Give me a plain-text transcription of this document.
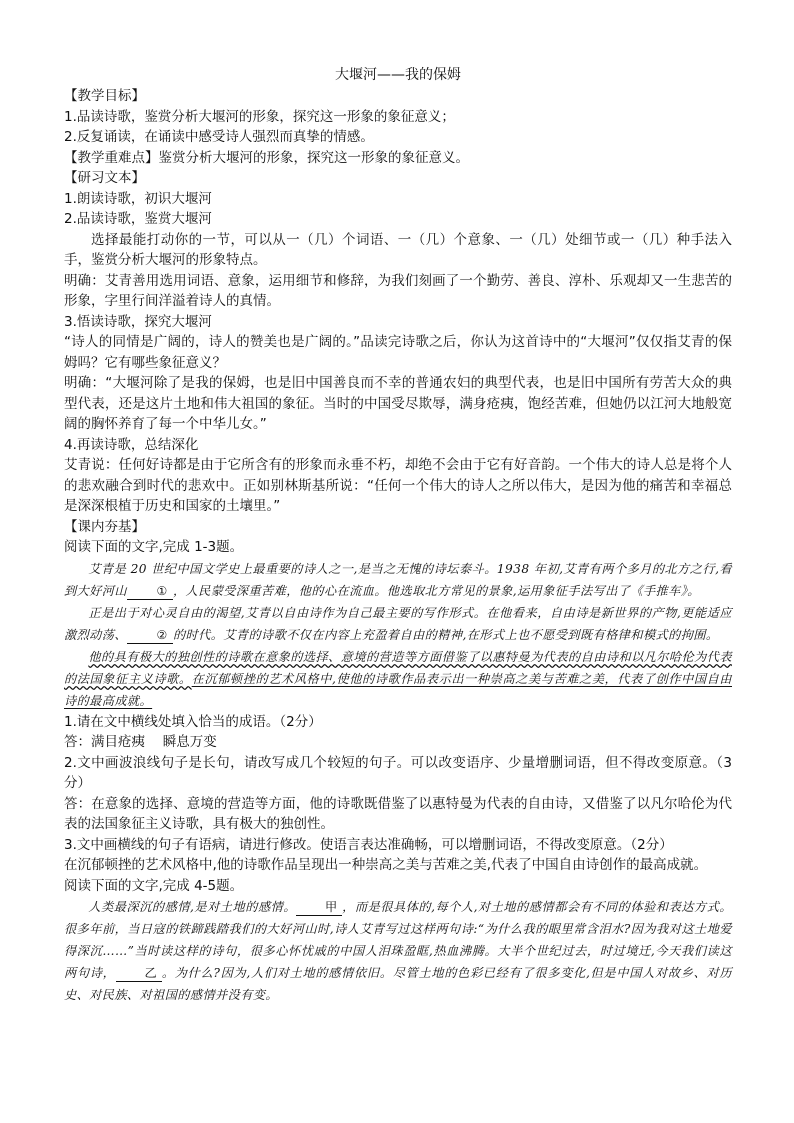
大堰河——我的保姆

【教学目标】

1.品读诗歌，鉴赏分析大堰河的形象，探究这一形象的象征意义；

2.反复诵读，在诵读中感受诗人强烈而真挚的情感。

【教学重难点】鉴赏分析大堰河的形象，探究这一形象的象征意义。

【研习文本】

1.朗读诗歌，初识大堰河

2.品读诗歌，鉴赏大堰河

选择最能打动你的一节，可以从一（几）个词语、一（几）个意象、一（几）处细节或一（几）种手法入手，鉴赏分析大堰河的形象特点。

明确：艾青善用选用词语、意象，运用细节和修辞，为我们刻画了一个勤劳、善良、淳朴、乐观却又一生悲苦的形象，字里行间洋溢着诗人的真情。

3.悟读诗歌，探究大堰河

“诗人的同情是广阔的，诗人的赞美也是广阔的。”品读完诗歌之后，你认为这首诗中的“大堰河”仅仅指艾青的保姆吗？它有哪些象征意义？

明确：“大堰河除了是我的保姆，也是旧中国善良而不幸的普通农妇的典型代表，也是旧中国所有劳苦大众的典型代表，还是这片土地和伟大祖国的象征。当时的中国受尽欺辱，满身疮痍，饱经苦难，但她仍以江河大地般宽阔的胸怀养育了每一个中华儿女。”

4.再读诗歌，总结深化

艾青说：任何好诗都是由于它所含有的形象而永垂不朽，却绝不会由于它有好音韵。一个伟大的诗人总是将个人的悲欢融合到时代的悲欢中。正如别林斯基所说：“任何一个伟大的诗人之所以伟大，是因为他的痛苦和幸福总是深深根植于历史和国家的土壤里。”

【课内夯基】

阅读下面的文字,完成 1-3题。

艾青是 20 世纪中国文学史上最重要的诗人之一,是当之无愧的诗坛泰斗。1938 年初,艾青有两个多月的北方之行,看到大好河山 ① ，人民蒙受深重苦难，他的心在流血。他选取北方常见的景象,运用象征手法写出了《手推车》。

正是出于对心灵自由的渴望,艾青以自由诗作为自己最主要的写作形式。在他看来，自由诗是新世界的产物,更能适应激烈动荡、 ② 的时代。艾青的诗歌不仅在内容上充盈着自由的精神,在形式上也不愿受到既有格律和模式的拘囿。

他的具有极大的独创性的诗歌在意象的选择、意境的营造等方面借鉴了以惠特曼为代表的自由诗和以凡尔哈伦为代表的法国象征主义诗歌。在沉郁顿挫的艺术风格中,使他的诗歌作品表示出一种崇高之美与苦难之美，代表了创作中国自由诗的最高成就。

1.请在文中横线处填入恰当的成语。（2分）

答：满目疮痍　 瞬息万变

2.文中画波浪线句子是长句，请改写成几个较短的句子。可以改变语序、少量增删词语，但不得改变原意。（3分）

答：在意象的选择、意境的营造等方面，他的诗歌既借鉴了以惠特曼为代表的自由诗，又借鉴了以凡尔哈伦为代表的法国象征主义诗歌，具有极大的独创性。

3.文中画横线的句子有语病，请进行修改。使语言表达准确畅，可以增删词语，不得改变原意。（2分）

在沉郁顿挫的艺术风格中,他的诗歌作品呈现出一种崇高之美与苦难之美,代表了中国自由诗创作的最高成就。

阅读下面的文字,完成 4-5题。

人类最深沉的感情,是对土地的感情。 甲 ，而是很具体的,每个人,对土地的感情都会有不同的体验和表达方式。很多年前，当日寇的铁蹄践踏我们的大好河山时,诗人艾青写过这样两句诗:“为什么我的眼里常含泪水?因为我对这土地爱得深沉……”当时读这样的诗句，很多心怀忧戚的中国人泪珠盈眶,热血沸腾。大半个世纪过去，时过境迁,今天我们读这两句诗， 乙 。为什么?因为,人们对土地的感情依旧。尽管土地的色彩已经有了很多变化,但是中国人对故乡、对历史、对民族、对祖国的感情并没有变。
